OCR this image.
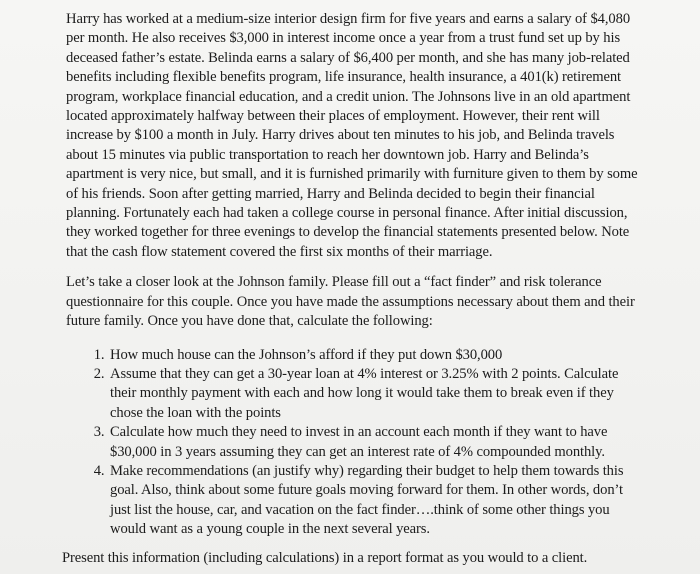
Harry has worked at a medium-size interior design firm for five years and earns a salary of $4,080 per month. He also receives $3,000 in interest income once a year from a trust fund set up by his deceased father’s estate. Belinda earns a salary of $6,400 per month, and she has many job-related benefits including flexible benefits program, life insurance, health insurance, a 401(k) retirement program, workplace financial education, and a credit union. The Johnsons live in an old apartment located approximately halfway between their places of employment. However, their rent will increase by $100 a month in July. Harry drives about ten minutes to his job, and Belinda travels about 15 minutes via public transportation to reach her downtown job. Harry and Belinda’s apartment is very nice, but small, and it is furnished primarily with furniture given to them by some of his friends. Soon after getting married, Harry and Belinda decided to begin their financial planning. Fortunately each had taken a college course in personal finance. After initial discussion, they worked together for three evenings to develop the financial statements presented below. Note that the cash flow statement covered the first six months of their marriage.

Let’s take a closer look at the Johnson family. Please fill out a “fact finder” and risk tolerance questionnaire for this couple. Once you have made the assumptions necessary about them and their future family. Once you have done that, calculate the following:

1. How much house can the Johnson’s afford if they put down $30,000
2. Assume that they can get a 30-year loan at 4% interest or 3.25% with 2 points. Calculate their monthly payment with each and how long it would take them to break even if they chose the loan with the points
3. Calculate how much they need to invest in an account each month if they want to have $30,000 in 3 years assuming they can get an interest rate of 4% compounded monthly.
4. Make recommendations (an justify why) regarding their budget to help them towards this goal. Also, think about some future goals moving forward for them. In other words, don’t just list the house, car, and vacation on the fact finder….think of some other things you would want as a young couple in the next several years.

Present this information (including calculations) in a report format as you would to a client.
